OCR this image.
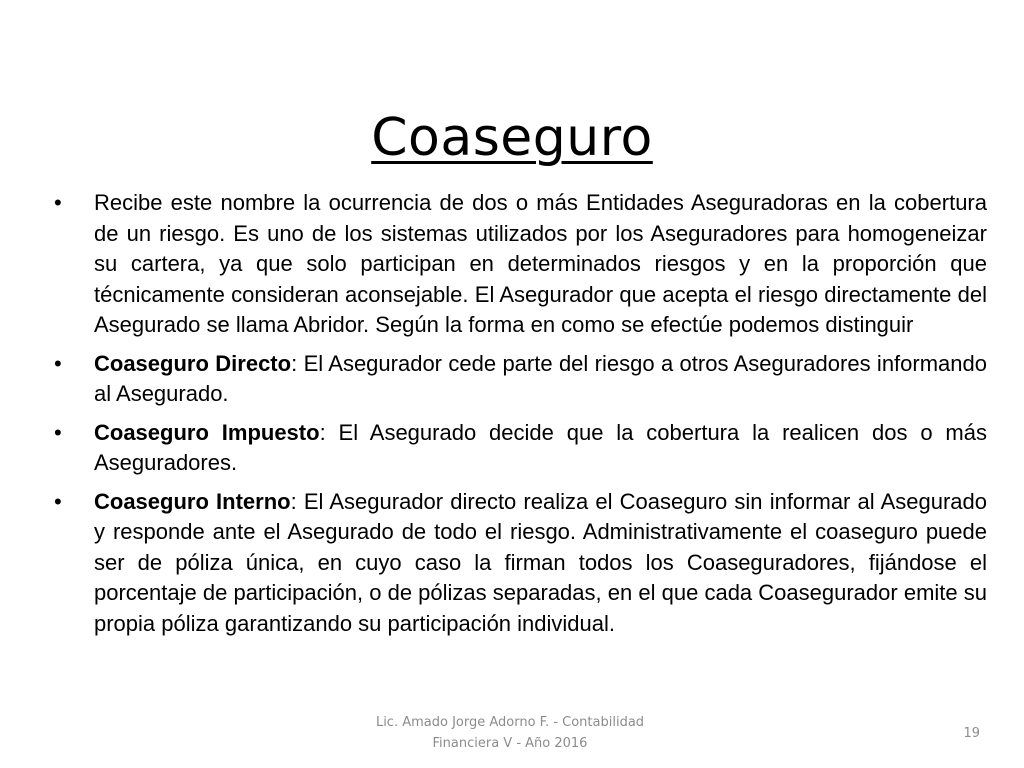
Coaseguro
• Recibe este nombre la ocurrencia de dos o más Entidades Aseguradoras en la cobertura de un riesgo. Es uno de los sistemas utilizados por los Aseguradores para homogeneizar su cartera, ya que solo participan en determinados riesgos y en la proporción que técnicamente consideran aconsejable. El Asegurador que acepta el riesgo directamente del Asegurado se llama Abridor. Según la forma en como se efectúe podemos distinguir
• Coaseguro Directo: El Asegurador cede parte del riesgo a otros Aseguradores informando al Asegurado.
• Coaseguro Impuesto: El Asegurado decide que la cobertura la realicen dos o más Aseguradores.
• Coaseguro Interno: El Asegurador directo realiza el Coaseguro sin informar al Asegurado y responde ante el Asegurado de todo el riesgo. Administrativamente el coaseguro puede ser de póliza única, en cuyo caso la firman todos los Coaseguradores, fijándose el porcentaje de participación, o de pólizas separadas, en el que cada Coasegurador emite su propia póliza garantizando su participación individual.
Lic. Amado Jorge Adorno F. - Contabilidad
Financiera V - Año 2016
19
